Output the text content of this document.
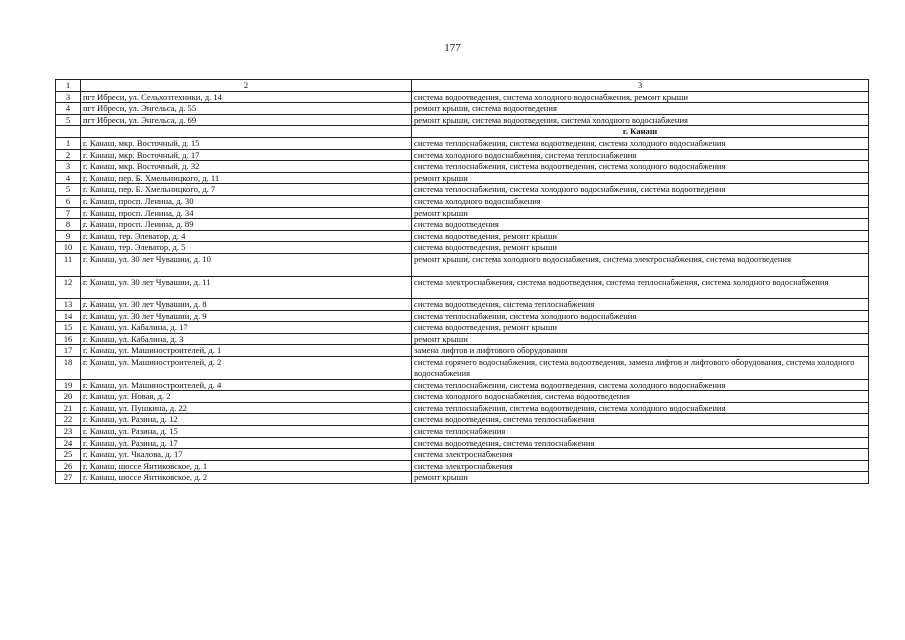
177
1	2	3
3	пгт Ибреси, ул. Сельхозтехники, д. 14	система водоотведения, система холодного водоснабжения, ремонт крыши
4	пгт Ибреси, ул. Энгельса, д. 55	ремонт крыши, система водоотведения
5	пгт Ибреси, ул. Энгельса, д. 69	ремонт крыши, система водоотведения, система холодного водоснабжения
		г. Канаш
1	г. Канаш, мкр. Восточный, д. 15	система теплоснабжения, система водоотведения, система холодного водоснабжения
2	г. Канаш, мкр. Восточный, д. 17	система холодного водоснабжения, система теплоснабжения
3	г. Канаш, мкр. Восточный, д. 32	система теплоснабжения, система водоотведения, система холодного водоснабжения
4	г. Канаш, пер. Б. Хмельницкого, д. 11	ремонт крыши
5	г. Канаш, пер. Б. Хмельницкого, д. 7	система теплоснабжения, система холодного водоснабжения, система водоотведения
6	г. Канаш, просп. Ленина, д. 30	система холодного водоснабжения
7	г. Канаш, просп. Ленина, д. 34	ремонт крыши
8	г. Канаш, просп. Ленина, д. 89	система водоотведения
9	г. Канаш, тер. Элеватор, д. 4	система водоотведения, ремонт крыши
10	г. Канаш, тер. Элеватор, д. 5	система водоотведения, ремонт крыши
11	г. Канаш, ул. 30 лет Чувашии, д. 10	ремонт крыши, система холодного водоснабжения, система электроснабжения, система водоотведения
12	г. Канаш, ул. 30 лет Чувашии, д. 11	система электроснабжения, система водоотведения, система теплоснабжения, система холодного водоснабжения
13	г. Канаш, ул. 30 лет Чувашии, д. 8	система водоотведения, система теплоснабжения
14	г. Канаш, ул. 30 лет Чувашии, д. 9	система теплоснабжения, система холодного водоснабжения
15	г. Канаш, ул. Кабалина, д. 17	система водоотведения, ремонт крыши
16	г. Канаш, ул. Кабалина, д. 3	ремонт крыши
17	г. Канаш, ул. Машиностроителей, д. 1	замена лифтов и лифтового оборудования
18	г. Канаш, ул. Машиностроителей, д. 2	система горячего водоснабжения, система водоотведения, замена лифтов и лифтового оборудования, система холодного водоснабжения
19	г. Канаш, ул. Машиностроителей, д. 4	система теплоснабжения, система водоотведения, система холодного водоснабжения
20	г. Канаш, ул. Новая, д. 2	система холодного водоснабжения, система водоотведения
21	г. Канаш, ул. Пушкина, д. 22	система теплоснабжения, система водоотведения, система холодного водоснабжения
22	г. Канаш, ул. Разина, д. 12	система водоотведения, система теплоснабжения
23	г. Канаш, ул. Разина, д. 15	система теплоснабжения
24	г. Канаш, ул. Разина, д. 17	система водоотведения, система теплоснабжения
25	г. Канаш, ул. Чкалова, д. 17	система электроснабжения
26	г. Канаш, шоссе Янтиковское, д. 1	система электроснабжения
27	г. Канаш, шоссе Янтиковское, д. 2	ремонт крыши
